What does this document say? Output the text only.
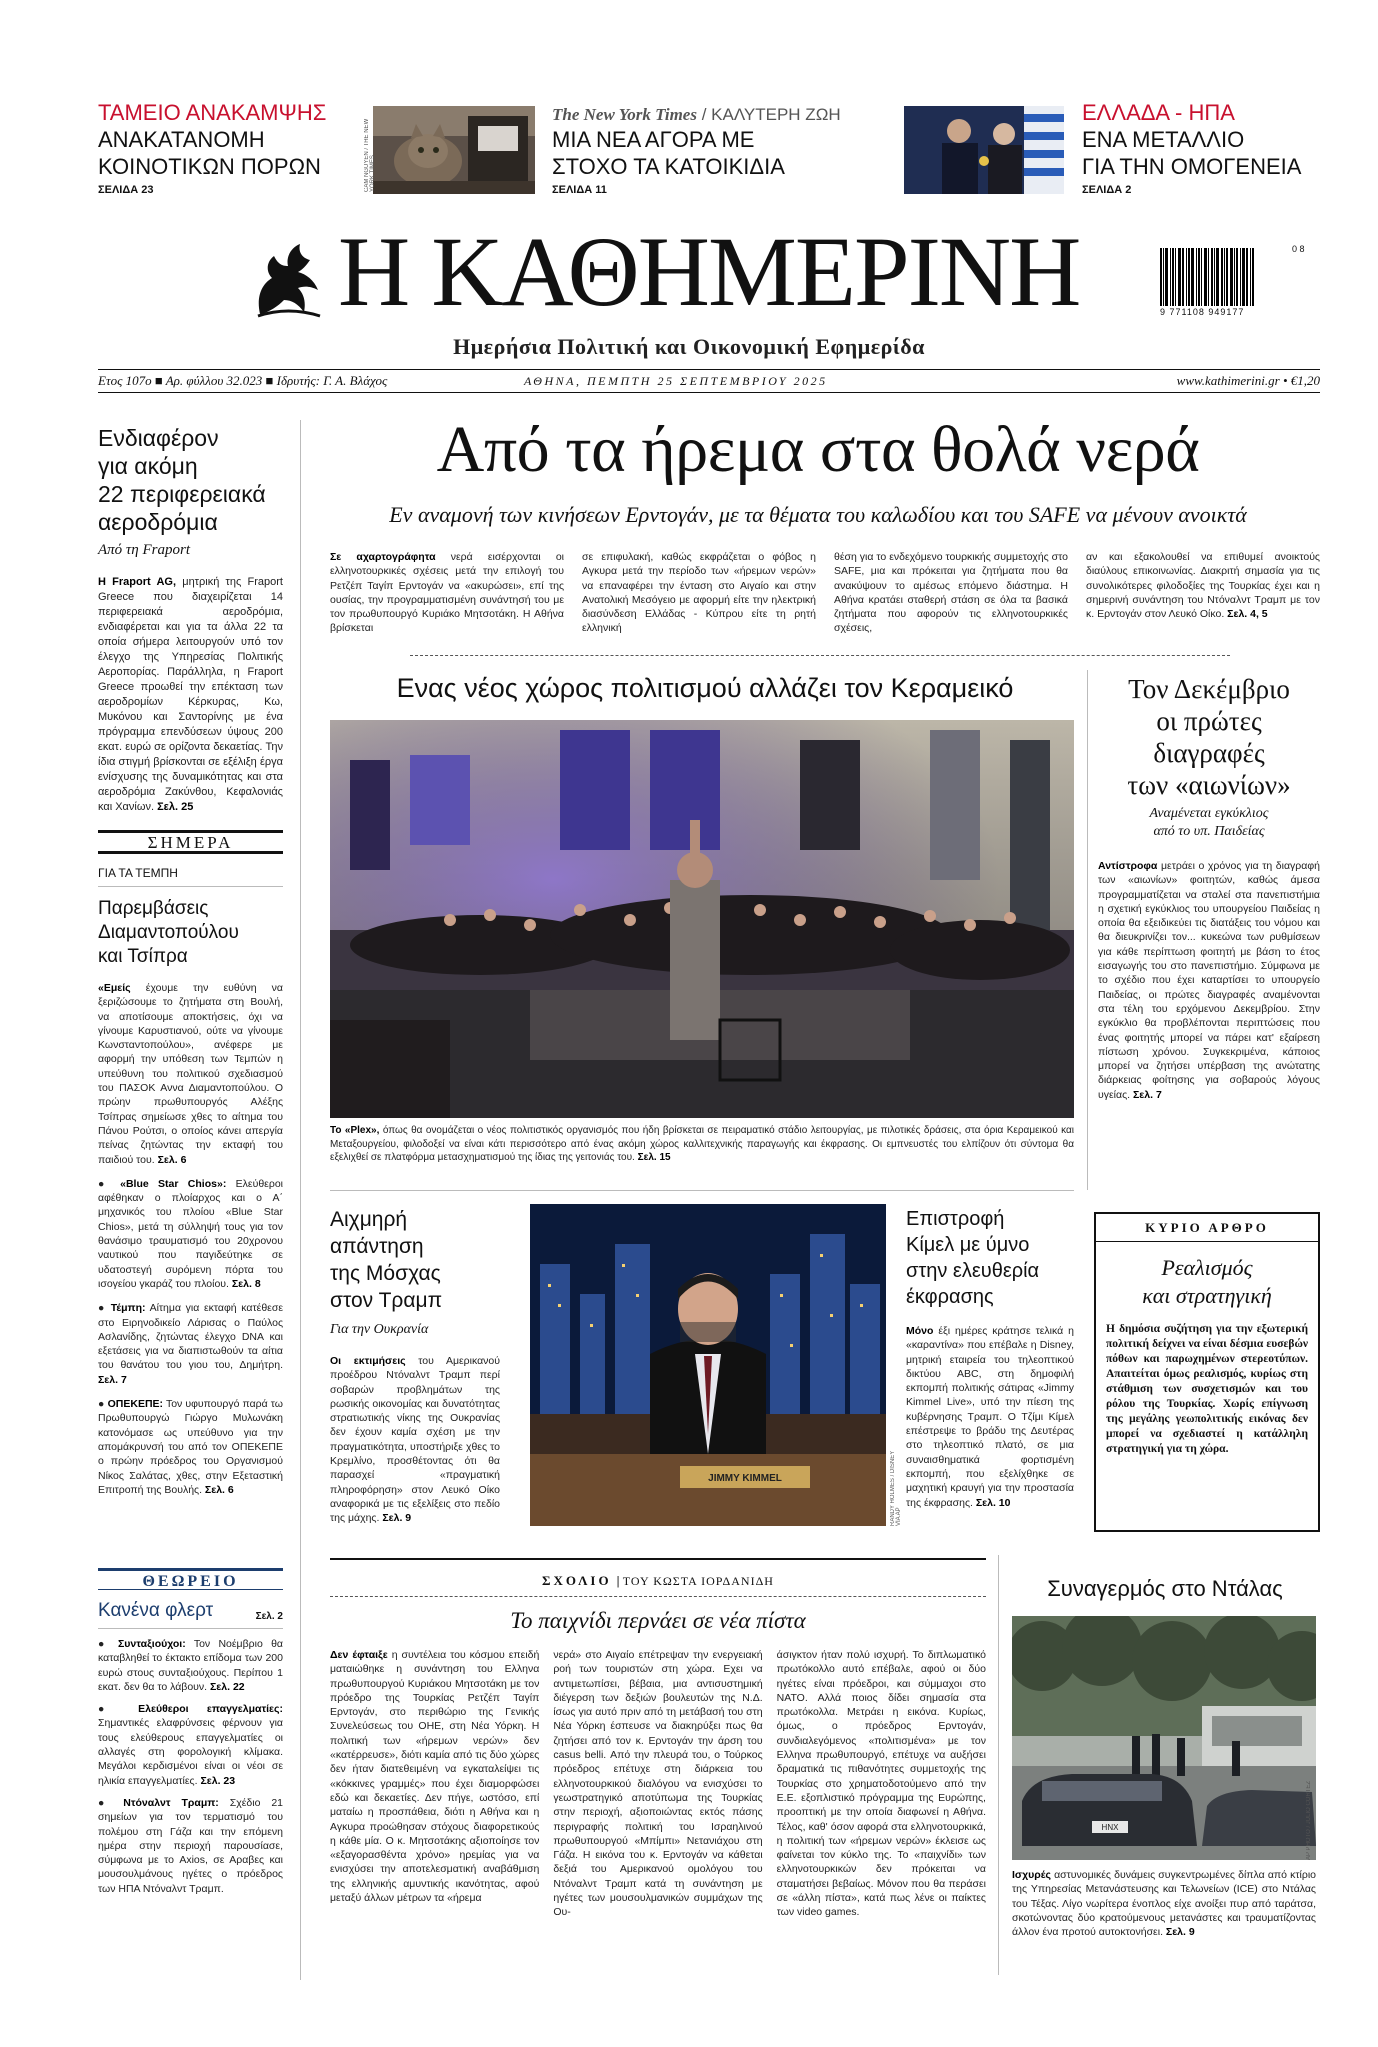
ΤΑΜΕΙΟ ΑΝΑΚΑΜΨΗΣ
ΑΝΑΚΑΤΑΝΟΜΗ
ΚΟΙΝΟΤΙΚΩΝ ΠΟΡΩΝ
ΣΕΛΙΔΑ 23	CAM NGUYEN / THE NEW YORK TIMES
The New York Times / ΚΑΛΥΤΕΡΗ ΖΩΗ
ΜΙΑ ΝΕΑ ΑΓΟΡΑ ΜΕ
ΣΤΟΧΟ ΤΑ ΚΑΤΟΙΚΙΔΙΑ
ΣΕΛΙΔΑ 11
ΕΛΛΑΔΑ - ΗΠΑ
ΕΝΑ ΜΕΤΑΛΛΙΟ
ΓΙΑ ΤΗΝ ΟΜΟΓΕΝΕΙΑ
ΣΕΛΙΔΑ 2
Η ΚΑΘΗΜΕΡΙΝΗ	9 771108 949177
0 8
Ημερήσια Πολιτική και Οικονομική Εφημερίδα
Ετος 107ο ■ Αρ. φύλλου 32.023 ■ Ιδρυτής: Γ. Α. Βλάχος	ΑΘΗΝΑ, ΠΕΜΠΤΗ 25 ΣΕΠΤΕΜΒΡΙΟΥ 2025	www.kathimerini.gr • €1,20
Ενδιαφέρον
για ακόμη
22 περιφερειακά
αεροδρόμια
Από τη Fraport

Η Fraport AG, μητρική της Fraport Greece που διαχειρίζεται 14 περιφερειακά αεροδρόμια, ενδιαφέρεται και για τα άλλα 22 τα οποία σήμερα λειτουργούν υπό τον έλεγχο της Υπηρεσίας Πολιτικής Αεροπορίας. Παράλληλα, η Fraport Greece προωθεί την επέκταση των αεροδρομίων Κέρκυρας, Κω, Μυκόνου και Σαντορίνης με ένα πρόγραμμα επενδύσεων ύψους 200 εκατ. ευρώ σε ορίζοντα δεκαετίας. Την ίδια στιγμή βρίσκονται σε εξέλιξη έργα ενίσχυσης της δυναμικότητας και στα αεροδρόμια Ζακύνθου, Κεφαλονιάς και Χανίων. Σελ. 25

ΣΗΜΕΡΑ
ΓΙΑ ΤΑ ΤΕΜΠΗ
Παρεμβάσεις
Διαμαντοπούλου
και Τσίπρα

«Εμείς έχουμε την ευθύνη να ξεριζώσουμε το ζητήματα στη Βουλή, να αποτίσουμε αποκτήσεις, όχι να γίνουμε Καρυστιανού, ούτε να γίνουμε Κωνσταντοπούλου», ανέφερε με αφορμή την υπόθεση των Τεμπών η υπεύθυνη του πολιτικού σχεδιασμού του ΠΑΣΟΚ Αννα Διαμαντοπούλου. Ο πρώην πρωθυπουργός Αλέξης Τσίπρας σημείωσε χθες το αίτημα του Πάνου Ρούτσι, ο οποίος κάνει απεργία πείνας ζητώντας την εκταφή του παιδιού του. Σελ. 6

● «Blue Star Chios»: Ελεύθεροι αφέθηκαν ο πλοίαρχος και ο Α΄ μηχανικός του πλοίου «Blue Star Chios», μετά τη σύλληψή τους για τον θανάσιμο τραυματισμό του 20χρονου ναυτικού που παγιδεύτηκε σε υδατοστεγή συρόμενη πόρτα του ισογείου γκαράζ του πλοίου. Σελ. 8

● Τέμπη: Αίτημα για εκταφή κατέθεσε στο Ειρηνοδικείο Λάρισας ο Παύλος Ασλανίδης, ζητώντας έλεγχο DNA και εξετάσεις για να διαπιστωθούν τα αίτια του θανάτου του γιου του, Δημήτρη. Σελ. 7

● ΟΠΕΚΕΠΕ: Τον υφυπουργό παρά τω Πρωθυπουργώ Γιώργο Μυλωνάκη κατονόμασε ως υπεύθυνο για την απομάκρυνσή του από τον ΟΠΕΚΕΠΕ ο πρώην πρόεδρος του Οργανισμού Νίκος Σαλάτας, χθες, στην Εξεταστική Επιτροπή της Βουλής. Σελ. 6

ΘΕΩΡΕΙΟ
Κανένα φλερτ	Σελ. 2

● Συνταξιούχοι: Τον Νοέμβριο θα καταβληθεί το έκτακτο επίδομα των 200 ευρώ στους συνταξιούχους. Περίπου 1 εκατ. δεν θα το λάβουν. Σελ. 22

● Ελεύθεροι επαγγελματίες: Σημαντικές ελαφρύνσεις φέρνουν για τους ελεύθερους επαγγελματίες οι αλλαγές στη φορολογική κλίμακα. Μεγάλοι κερδισμένοι είναι οι νέοι σε ηλικία επαγγελματίες. Σελ. 23

● Ντόναλντ Τραμπ: Σχέδιο 21 σημείων για τον τερματισμό του πολέμου στη Γάζα και την επόμενη ημέρα στην περιοχή παρουσίασε, σύμφωνα με το Axios, σε Αραβες και μουσουλμάνους ηγέτες ο πρόεδρος των ΗΠΑ Ντόναλντ Τραμπ.

Από τα ήρεμα στα θολά νερά
Εν αναμονή των κινήσεων Ερντογάν, με τα θέματα του καλωδίου και του SAFE να μένουν ανοικτά

Σε αχαρτογράφητα νερά εισέρχονται οι ελληνοτουρκικές σχέσεις μετά την επιλογή του Ρετζέπ Ταγίπ Ερντογάν να «ακυρώσει», επί της ουσίας, την προγραμματισμένη συνάντησή του με τον πρωθυπουργό Κυριάκο Μητσοτάκη. Η Αθήνα βρίσκεται

σε επιφυλακή, καθώς εκφράζεται ο φόβος η Αγκυρα μετά την περίοδο των «ήρεμων νερών» να επαναφέρει την ένταση στο Αιγαίο και στην Ανατολική Μεσόγειο με αφορμή είτε την ηλεκτρική διασύνδεση Ελλάδας - Κύπρου είτε τη ρητή ελληνική

θέση για το ενδεχόμενο τουρκικής συμμετοχής στο SAFE, μια και πρόκειται για ζητήματα που θα ανακύψουν το αμέσως επόμενο διάστημα. Η Αθήνα κρατάει σταθερή στάση σε όλα τα βασικά ζητήματα που αφορούν τις ελληνοτουρκικές σχέσεις,

αν και εξακολουθεί να επιθυμεί ανοικτούς διαύλους επικοινωνίας. Διακριτή σημασία για τις συνολικότερες φιλοδοξίες της Τουρκίας έχει και η σημερινή συνάντηση του Ντόναλντ Τραμπ με τον κ. Ερντογάν στον Λευκό Οίκο. Σελ. 4, 5

Ενας νέος χώρος πολιτισμού αλλάζει τον Κεραμεικό

Το «Plex», όπως θα ονομάζεται ο νέος πολιτιστικός οργανισμός που ήδη βρίσκεται σε πειραματικό στάδιο λειτουργίας, με πιλοτικές δράσεις, στα όρια Κεραμεικού και Μεταξουργείου, φιλοδοξεί να είναι κάτι περισσότερο από ένας ακόμη χώρος καλλιτεχνικής παραγωγής και έκφρασης. Οι εμπνευστές του ελπίζουν ότι σύντομα θα εξελιχθεί σε πλατφόρμα μετασχηματισμού της ίδιας της γειτονιάς του. Σελ. 15

Τον Δεκέμβριο
οι πρώτες
διαγραφές
των «αιωνίων»
Αναμένεται εγκύκλιος
από το υπ. Παιδείας

Αντίστροφα μετράει ο χρόνος για τη διαγραφή των «αιωνίων» φοιτητών, καθώς άμεσα προγραμματίζεται να σταλεί στα πανεπιστήμια η σχετική εγκύκλιος του υπουργείου Παιδείας η οποία θα εξειδικεύει τις διατάξεις του νόμου και θα διευκρινίζει τον... κυκεώνα των ρυθμίσεων για κάθε περίπτωση φοιτητή με βάση το έτος εισαγωγής του στο πανεπιστήμιο. Σύμφωνα με το σχέδιο που έχει καταρτίσει το υπουργείο Παιδείας, οι πρώτες διαγραφές αναμένονται στα τέλη του ερχόμενου Δεκεμβρίου. Στην εγκύκλιο θα προβλέπονται περιπτώσεις που ένας φοιτητής μπορεί να πάρει κατ' εξαίρεση πίστωση χρόνου. Συγκεκριμένα, κάποιος μπορεί να ζητήσει υπέρβαση της ανώτατης διάρκειας φοίτησης για σοβαρούς λόγους υγείας. Σελ. 7

Αιχμηρή
απάντηση
της Μόσχας
στον Τραμπ
Για την Ουκρανία

Οι εκτιμήσεις του Αμερικανού προέδρου Ντόναλντ Τραμπ περί σοβαρών προβλημάτων της ρωσικής οικονομίας και δυνατότητας στρατιωτικής νίκης της Ουκρανίας δεν έχουν καμία σχέση με την πραγματικότητα, υποστήριξε χθες το Κρεμλίνο, προσθέτοντας ότι θα παρασχεί «πραγματική πληροφόρηση» στον Λευκό Οίκο αναφορικά με τις εξελίξεις στο πεδίο της μάχης. Σελ. 9

JIMMY KIMMEL	RANDY HOLMES / DISNEY VIA AP
Επιστροφή
Κίμελ με ύμνο
στην ελευθερία
έκφρασης

Μόνο έξι ημέρες κράτησε τελικά η «καραντίνα» που επέβαλε η Disney, μητρική εταιρεία του τηλεοπτικού δικτύου ABC, στη δημοφιλή εκπομπή πολιτικής σάτιρας «Jimmy Kimmel Live», υπό την πίεση της κυβέρνησης Τραμπ. Ο Τζίμι Κίμελ επέστρεψε το βράδυ της Δευτέρας στο τηλεοπτικό πλατό, σε μια συναισθηματικά φορτισμένη εκπομπή, που εξελίχθηκε σε μαχητική κραυγή για την προστασία της έκφρασης. Σελ. 10

ΚΥΡΙΟ ΑΡΘΡΟ
Ρεαλισμός
και στρατηγική

Η δημόσια συζήτηση για την εξωτερική πολιτική δείχνει να είναι δέσμια ευσεβών πόθων και παρωχημένων στερεοτύπων. Απαιτείται όμως ρεαλισμός, κυρίως στη στάθμιση των συσχετισμών και του ρόλου της Τουρκίας. Χωρίς επίγνωση της μεγάλης γεωπολιτικής εικόνας δεν μπορεί να σχεδιαστεί η κατάλληλη στρατηγική για τη χώρα.

ΣΧΟΛΙΟ | ΤΟΥ ΚΩΣΤΑ ΙΟΡΔΑΝΙΔΗ
Το παιχνίδι περνάει σε νέα πίστα

Δεν έφταιξε η συντέλεια του κόσμου επειδή ματαιώθηκε η συνάντηση του Ελληνα πρωθυπουργού Κυριάκου Μητσοτάκη με τον πρόεδρο της Τουρκίας Ρετζέπ Ταγίπ Ερντογάν, στο περιθώριο της Γενικής Συνελεύσεως του ΟΗΕ, στη Νέα Υόρκη. Η πολιτική των «ήρεμων νερών» δεν «κατέρρευσε», διότι καμία από τις δύο χώρες δεν ήταν διατεθειμένη να εγκαταλείψει τις «κόκκινες γραμμές» που έχει διαμορφώσει εδώ και δεκαετίες. Δεν πήγε, ωστόσο, επί ματαίω η προσπάθεια, διότι η Αθήνα και η Αγκυρα προώθησαν στόχους διαφορετικούς η κάθε μία. Ο κ. Μητσοτάκης αξιοποίησε τον «εξαγορασθέντα χρόνο» ηρεμίας για να ενισχύσει την αποτελεσματική αναβάθμιση της ελληνικής αμυντικής ικανότητας, αφού μεταξύ άλλων μέτρων τα «ήρεμα

νερά» στο Αιγαίο επέτρεψαν την ενεργειακή ροή των τουριστών στη χώρα. Εχει να αντιμετωπίσει, βέβαια, μια αντισυστημική διέγερση των δεξιών βουλευτών της Ν.Δ. ίσως για αυτό πριν από τη μετάβασή του στη Νέα Υόρκη έσπευσε να διακηρύξει πως θα ζητήσει από τον κ. Ερντογάν την άρση του casus belli. Από την πλευρά του, ο Τούρκος πρόεδρος επέτυχε στη διάρκεια του ελληνοτουρκικού διαλόγου να ενισχύσει το γεωστρατηγικό αποτύπωμα της Τουρκίας στην περιοχή, αξιοποιώντας εκτός πάσης περιγραφής πολιτική του Ισραηλινού πρωθυπουργού «Μπίμπι» Νετανιάχου στη Γάζα. Η εικόνα του κ. Ερντογάν να κάθεται δεξιά του Αμερικανού ομολόγου του Ντόναλντ Τραμπ κατά τη συνάντηση με ηγέτες των μουσουλμανικών συμμάχων της Ου-

άσιγκτον ήταν πολύ ισχυρή. Το διπλωματικό πρωτόκολλο αυτό επέβαλε, αφού οι δύο ηγέτες είναι πρόεδροι, και σύμμαχοι στο ΝΑΤΟ. Αλλά ποιος δίδει σημασία στα πρωτόκολλα. Μετράει η εικόνα. Κυρίως, όμως, ο πρόεδρος Ερντογάν, συνδιαλεγόμενος «πολιτισμένα» με τον Ελληνα πρωθυπουργό, επέτυχε να αυξήσει δραματικά τις πιθανότητες συμμετοχής της Τουρκίας στο χρηματοδοτούμενο από την Ε.Ε. εξοπλιστικό πρόγραμμα της Ευρώπης, προοπτική με την οποία διαφωνεί η Αθήνα. Τέλος, καθ' όσον αφορά στα ελληνοτουρκικά, η πολιτική των «ήρεμων νερών» έκλεισε ως φαίνεται τον κύκλο της. Το «παιχνίδι» των ελληνοτουρκικών δεν πρόκειται να σταματήσει βεβαίως. Μόνον που θα περάσει σε «άλλη πίστα», κατά πως λένε οι παίκτες των video games.

Συναγερμός στο Ντάλας
HNX	AP PHOTO / JULIO CORTEZ

Ισχυρές αστυνομικές δυνάμεις συγκεντρωμένες δίπλα από κτίριο της Υπηρεσίας Μετανάστευσης και Τελωνείων (ICE) στο Ντάλας του Τέξας. Λίγο νωρίτερα ένοπλος είχε ανοίξει πυρ από ταράτσα, σκοτώνοντας δύο κρατούμενους μετανάστες και τραυματίζοντας άλλον ένα προτού αυτοκτονήσει. Σελ. 9
